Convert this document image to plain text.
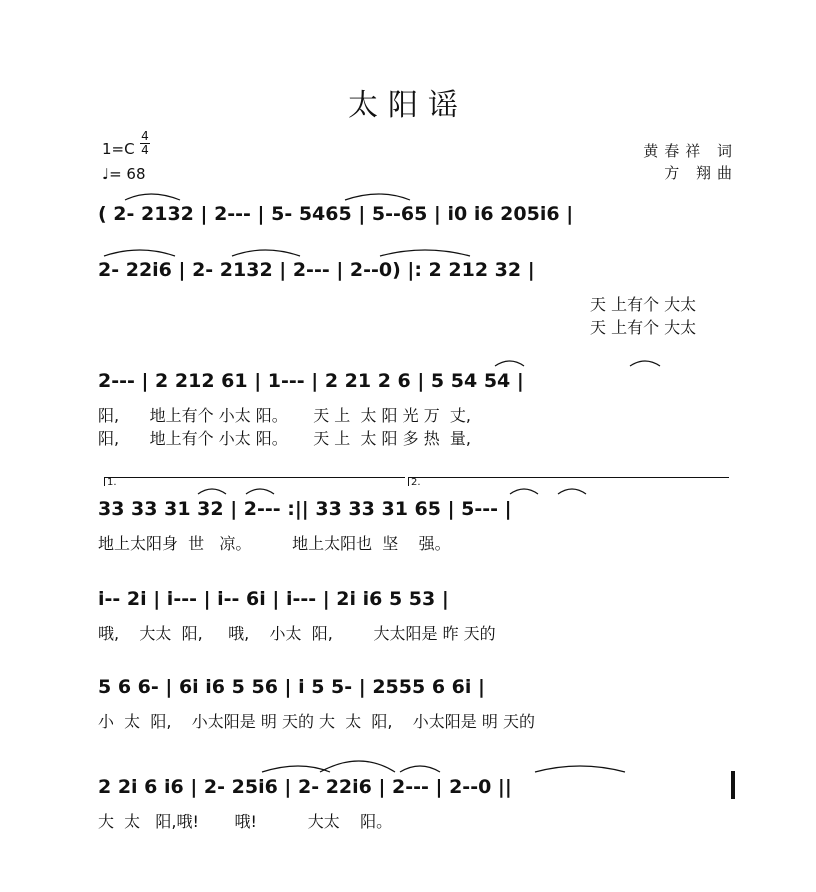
太阳谣
1=C
4
4
♩= 68
黄春祥 词
方 翔曲
( 2- 2132 | 2--- | 5- 5465 | 5--65 | i0 i6 205i6 |
2- 22i6 | 2- 2132 | 2--- | 2--0) |: 2 212 32 |
天 上有个 大太
天 上有个 大太
2--- | 2 212 61 | 1--- | 2 21 2 6 | 5 54 54 |
阳,      地上有个 小太 阳。     天 上  太 阳 光 万  丈,
阳,      地上有个 小太 阳。     天 上  太 阳 多 热  量,
1.	2.
33 33 31 32 | 2--- :|| 33 33 31 65 | 5--- |
地上太阳身  世   凉。        地上太阳也  坚    强。
i-- 2i | i--- | i-- 6i | i--- | 2i i6 5 53 |
哦,    大太  阳,     哦,    小太  阳,        大太阳是 昨 天的
5 6 6- | 6i i6 5 56 | i 5 5- | 2555 6 6i |
小  太  阳,    小太阳是 明 天的 大  太  阳,    小太阳是 明 天的
2 2i 6 i6 | 2- 25i6 | 2- 22i6 | 2--- | 2--0 ||
大  太   阳,哦!       哦!          大太    阳。
